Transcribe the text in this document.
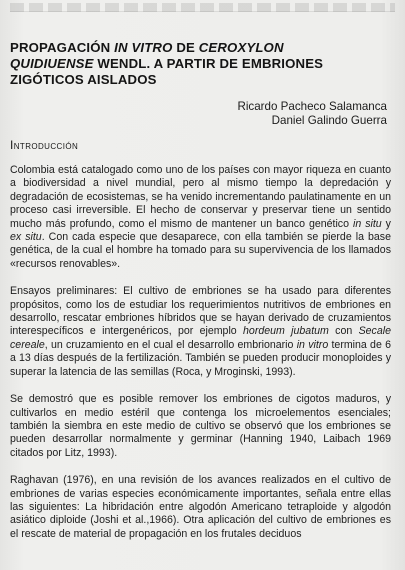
PROPAGACIÓN IN VITRO DE CEROXYLON
QUIDIUENSE WENDL. A PARTIR DE EMBRIONES
ZIGÓTICOS AISLADOS
Ricardo Pacheco Salamanca
Daniel Galindo Guerra
Introducción

Colombia está catalogado como uno de los países con mayor riqueza en cuanto a biodiversidad a nivel mundial, pero al mismo tiempo la depredación y degradación de ecosistemas, se ha venido incrementando paulatinamente en un proceso casi irreversible. El hecho de conservar y preservar tiene un sentido mucho más profundo, como el mismo de mantener un banco genético in situ y ex situ. Con cada especie que desaparece, con ella también se pierde la base genética, de la cual el hombre ha tomado para su supervivencia de los llamados «recursos renovables».

Ensayos preliminares: El cultivo de embriones se ha usado para diferentes propósitos, como los de estudiar los requerimientos nutritivos de embriones en desarrollo, rescatar embriones híbridos que se hayan derivado de cruzamientos interespecíficos e intergenéricos, por ejemplo hordeum jubatum con Secale cereale, un cruzamiento en el cual el desarrollo embrionario in vitro termina de 6 a 13 días después de la fertilización. También se pueden producir monoploides y superar la latencia de las semillas (Roca, y Mroginski, 1993).

Se demostró que es posible remover los embriones de cigotos maduros, y cultivarlos en medio estéril que contenga los microelementos esenciales; también la siembra en este medio de cultivo se observó que los embriones se pueden desarrollar normalmente y germinar (Hanning 1940, Laibach 1969 citados por Litz, 1993).

Raghavan (1976), en una revisión de los avances realizados en el cultivo de embriones de varias especies económicamente importantes, señala entre ellas las siguientes: La hibridación entre algodón Americano tetraploide y algodón asiático diploide (Joshi et al.,1966). Otra aplicación del cultivo de embriones es el rescate de material de propagación en los frutales deciduos
